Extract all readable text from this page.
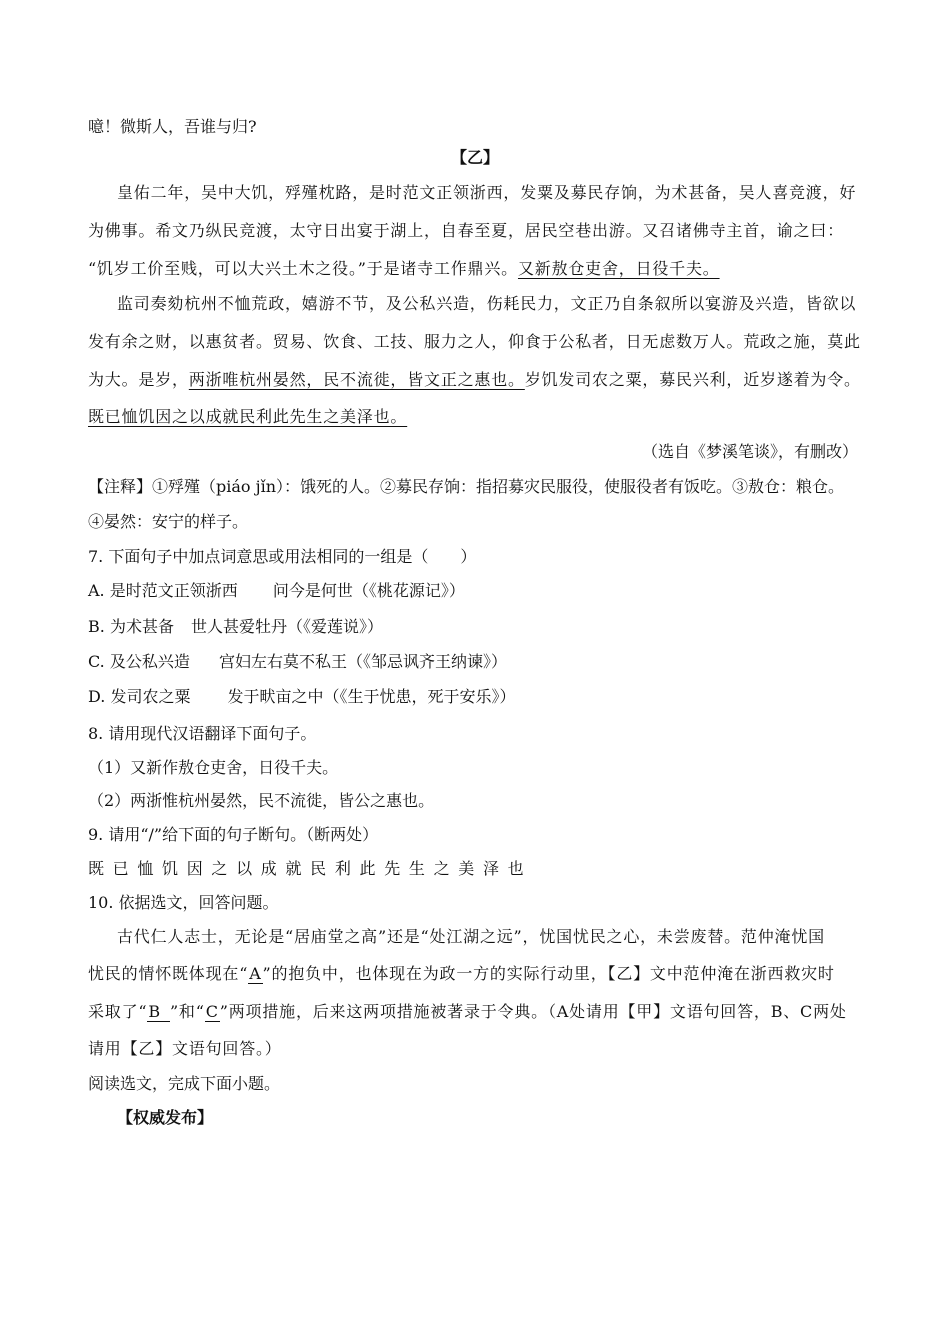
噫！微斯人，吾谁与归?
【乙】
皇佑二年，吴中大饥，殍殣枕路，是时范文正领浙西，发粟及募民存饷，为术甚备，吴人喜竞渡，好
为佛事。希文乃纵民竞渡，太守日出宴于湖上，自春至夏，居民空巷出游。又召诸佛寺主首，谕之曰：
“饥岁工价至贱，可以大兴土木之役。”于是诸寺工作鼎兴。又新敖仓吏舍，日役千夫。
监司奏劾杭州不恤荒政，嬉游不节，及公私兴造，伤耗民力，文正乃自条叙所以宴游及兴造，皆欲以
发有余之财，以惠贫者。贸易、饮食、工技、服力之人，仰食于公私者，日无虑数万人。荒政之施，莫此
为大。是岁，两浙唯杭州晏然，民不流徙，皆文正之惠也。岁饥发司农之粟，募民兴利，近岁遂着为令。
既已恤饥因之以成就民利此先生之美泽也。
（选自《梦溪笔谈》，有删改）
【注释】①殍殣（piáo jǐn）：饿死的人。②募民存饷：指招募灾民服役，使服役者有饭吃。③敖仓：粮仓。
④晏然：安宁的样子。
7. 下面句子中加点词意思或用法相同的一组是（　　）
A. 是时范文正领浙西 问今是何世（《桃花源记》）
B. 为术甚备 世人甚爱牡丹（《爱莲说》）
C. 及公私兴造 宫妇左右莫不私王（《邹忌讽齐王纳谏》）
D. 发司农之粟 发于畎亩之中（《生于忧患，死于安乐》）
8. 请用现代汉语翻译下面句子。
（1）又新作敖仓吏舍，日役千夫。
（2）两浙惟杭州晏然，民不流徙，皆公之惠也。
9. 请用“/”给下面的句子断句。（断两处）
既 已 恤 饥 因 之 以 成 就 民 利 此 先 生 之 美 泽 也
10. 依据选文，回答问题。
古代仁人志士，无论是“居庙堂之高”还是“处江湖之远”，忧国忧民之心，未尝废替。范仲淹忧国
忧民的情怀既体现在“A”的抱负中，也体现在为政一方的实际行动里，【乙】文中范仲淹在浙西救灾时
采取了“B ”和“C”两项措施，后来这两项措施被著录于令典。（A处请用【甲】文语句回答，B、C两处
请用【乙】文语句回答。）
阅读选文，完成下面小题。
【权威发布】
